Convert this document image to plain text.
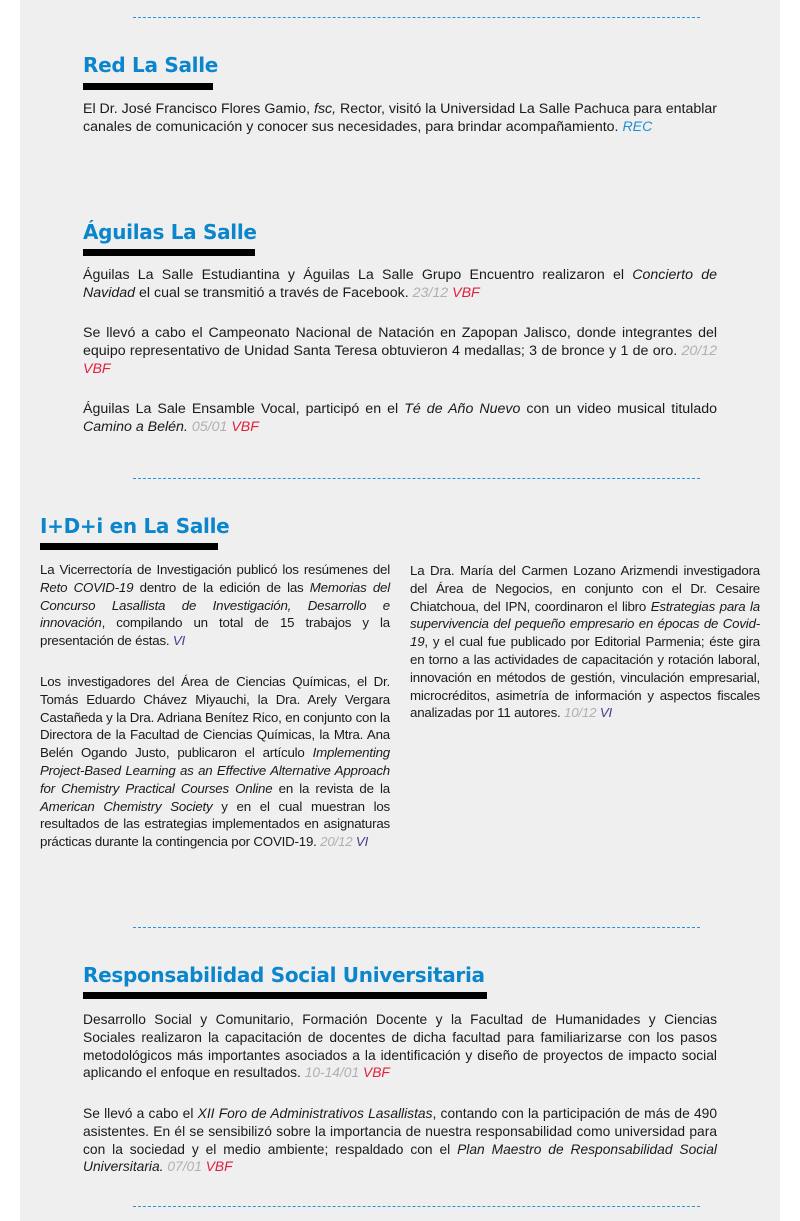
Red La Salle

El Dr. José Francisco Flores Gamio, fsc, Rector, visitó la Universidad La Salle Pachuca para entablar canales de comunicación y conocer sus necesidades, para brindar acompañamiento. REC

Águilas La Salle

Águilas La Salle Estudiantina y Águilas La Salle Grupo Encuentro realizaron el Concierto de Navidad el cual se transmitió a través de Facebook. 23/12 VBF

Se llevó a cabo el Campeonato Nacional de Natación en Zapopan Jalisco, donde integrantes del equipo representativo de Unidad Santa Teresa obtuvieron 4 medallas; 3 de bronce y 1 de oro. 20/12 VBF

Águilas La Sale Ensamble Vocal, participó en el Té de Año Nuevo con un video musical titulado Camino a Belén. 05/01 VBF

I+D+i en La Salle

La Vicerrectoría de Investigación publicó los resúmenes del Reto COVID-19 dentro de la edición de las Memorias del Concurso Lasallista de Investigación, Desarrollo e innovación, compilando un total de 15 trabajos y la presentación de éstas. VI

Los investigadores del Área de Ciencias Químicas, el Dr. Tomás Eduardo Chávez Miyauchi, la Dra. Arely Vergara Castañeda y la Dra. Adriana Benítez Rico, en conjunto con la Directora de la Facultad de Ciencias Químicas, la Mtra. Ana Belén Ogando Justo, publicaron el artículo Implementing Project-Based Learning as an Effective Alternative Approach for Chemistry Practical Courses Online en la revista de la American Chemistry Society y en el cual muestran los resultados de las estrategias implementados en asignaturas prácticas durante la contingencia por COVID-19. 20/12 VI

La Dra. María del Carmen Lozano Arizmendi investigadora del Área de Negocios, en conjunto con el Dr. Cesaire Chiatchoua, del IPN, coordinaron el libro Estrategias para la supervivencia del pequeño empresario en épocas de Covid-19, y el cual fue publicado por Editorial Parmenia; éste gira en torno a las actividades de capacitación y rotación laboral, innovación en métodos de gestión, vinculación empresarial, microcréditos, asimetría de información y aspectos fiscales analizadas por 11 autores. 10/12 VI

Responsabilidad Social Universitaria

Desarrollo Social y Comunitario, Formación Docente y la Facultad de Humanidades y Ciencias Sociales realizaron la capacitación de docentes de dicha facultad para familiarizarse con los pasos metodológicos más importantes asociados a la identificación y diseño de proyectos de impacto social aplicando el enfoque en resultados. 10-14/01 VBF

Se llevó a cabo el XII Foro de Administrativos Lasallistas, contando con la participación de más de 490 asistentes. En él se sensibilizó sobre la importancia de nuestra responsabilidad como universidad para con la sociedad y el medio ambiente; respaldado con el Plan Maestro de Responsabilidad Social Universitaria. 07/01 VBF
